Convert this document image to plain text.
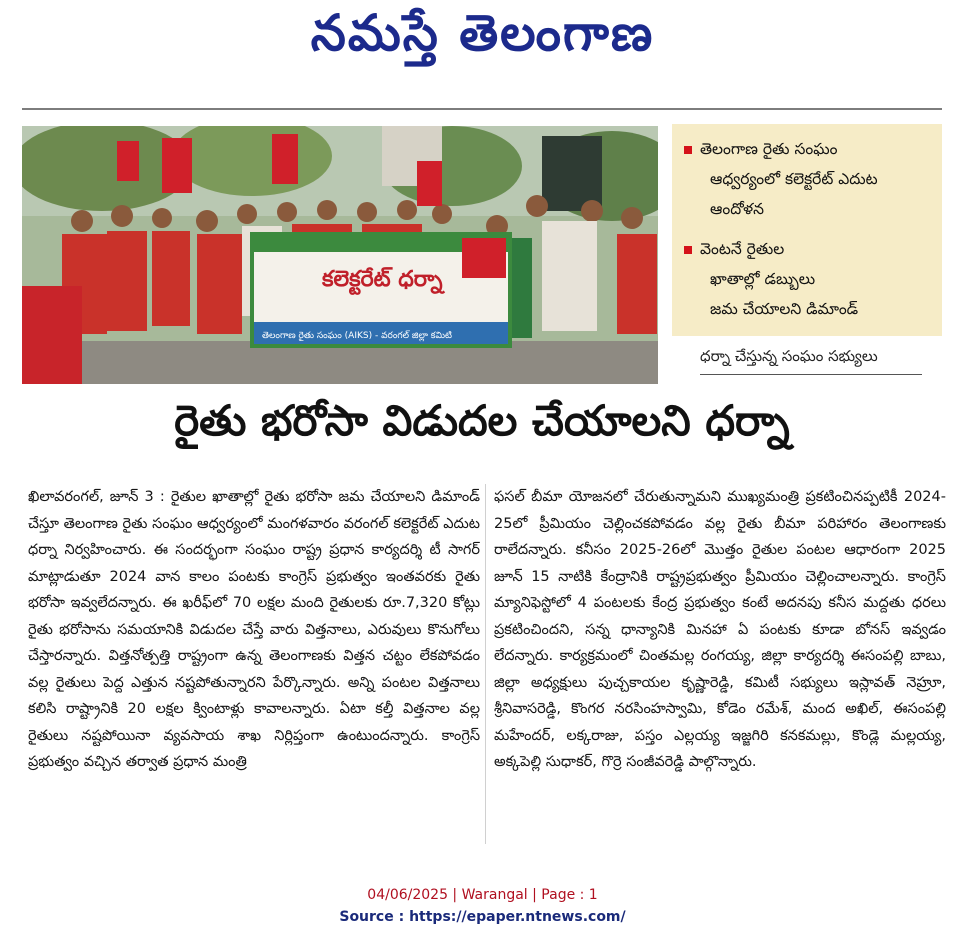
నమస్తే తెలంగాణ
కలెక్టరేట్ ధర్నా
తెలంగాణ రైతు సంఘం (AIKS) - వరంగల్ జిల్లా కమిటి
తెలంగాణ రైతు సంఘం
ఆధ్వర్యంలో కలెక్టరేట్ ఎదుట
ఆందోళన
వెంటనే రైతుల
ఖాతాల్లో డబ్బులు
జమ చేయాలని డిమాండ్
ధర్నా చేస్తున్న సంఘం సభ్యులు
రైతు భరోసా విడుదల చేయాలని ధర్నా
ఖిలావరంగల్, జూన్ 3 : రైతుల ఖాతాల్లో రైతు భరోసా జమ చేయాలని డిమాండ్ చేస్తూ తెలంగాణ రైతు సంఘం ఆధ్వర్యంలో మంగళవారం వరంగల్ కలెక్టరేట్ ఎదుట ధర్నా నిర్వహించారు. ఈ సందర్భంగా సంఘం రాష్ట్ర ప్రధాన కార్యదర్శి టీ సాగర్ మాట్లాడుతూ 2024 వాన కాలం పంటకు కాంగ్రెస్ ప్రభుత్వం ఇంతవరకు రైతు భరోసా ఇవ్వలేదన్నారు. ఈ ఖరీఫ్‌లో 70 లక్షల మంది రైతులకు రూ.7,320 కోట్లు రైతు భరోసాను సమయానికి విడుదల చేస్తే వారు విత్తనాలు, ఎరువులు కొనుగోలు చేస్తారన్నారు. విత్తనోత్పత్తి రాష్ట్రంగా ఉన్న తెలంగాణకు విత్తన చట్టం లేకపోవడం వల్ల రైతులు పెద్ద ఎత్తున నష్టపోతున్నారని పేర్కొన్నారు. అన్ని పంటల విత్తనాలు కలిసి రాష్ట్రానికి 20 లక్షల క్వింటాళ్లు కావాలన్నారు. ఏటా కల్తీ విత్తనాల వల్ల రైతులు నష్టపోయినా వ్యవసాయ శాఖ నిర్లిప్తంగా ఉంటుందన్నారు. కాంగ్రెస్ ప్రభుత్వం వచ్చిన తర్వాత ప్రధాన మంత్రి
ఫసల్ బీమా యోజనలో చేరుతున్నామని ముఖ్యమంత్రి ప్రకటించినప్పటికీ 2024-25లో ప్రీమియం చెల్లించకపోవడం వల్ల రైతు బీమా పరిహారం తెలంగాణకు రాలేదన్నారు. కనీసం 2025-26లో మొత్తం రైతుల పంటల ఆధారంగా 2025 జూన్ 15 నాటికి కేంద్రానికి రాష్ట్రప్రభుత్వం ప్రీమియం చెల్లించాలన్నారు. కాంగ్రెస్ మ్యానిఫెస్టోలో 4 పంటలకు కేంద్ర ప్రభుత్వం కంటే అదనపు కనీస మద్దతు ధరలు ప్రకటించిందని, సన్న ధాన్యానికి మినహా ఏ పంటకు కూడా బోనస్ ఇవ్వడం లేదన్నారు. కార్యక్రమంలో చింతమల్ల రంగయ్య, జిల్లా కార్యదర్శి ఈసంపల్లి బాబు, జిల్లా అధ్యక్షులు పుచ్చకాయల కృష్ణారెడ్డి, కమిటీ సభ్యులు ఇస్లావత్ నెహ్రూ, శ్రీనివాసరెడ్డి, కొంగర నరసింహస్వామి, కోడెం రమేశ్, మంద అఖిల్, ఈసంపల్లి మహేందర్, లక్కరాజు, పస్తం ఎల్లయ్య ఇజ్జగిరి కనకమల్లు, కొండ్లె మల్లయ్య, అక్కపెల్లి సుధాకర్, గొర్రె సంజీవరెడ్డి పాల్గొన్నారు.
04/06/2025 | Warangal | Page : 1
Source : https://epaper.ntnews.com/
